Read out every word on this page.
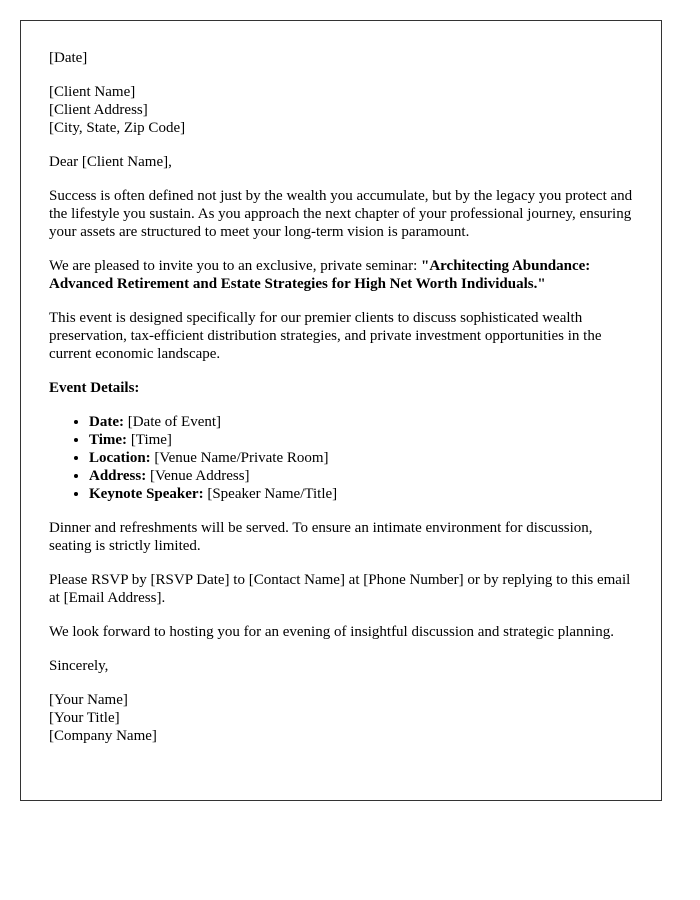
[Date]

[Client Name]
[Client Address]
[City, State, Zip Code]

Dear [Client Name],

Success is often defined not just by the wealth you accumulate, but by the legacy you protect and the lifestyle you sustain. As you approach the next chapter of your professional journey, ensuring your assets are structured to meet your long-term vision is paramount.

We are pleased to invite you to an exclusive, private seminar: "Architecting Abundance: Advanced Retirement and Estate Strategies for High Net Worth Individuals."

This event is designed specifically for our premier clients to discuss sophisticated wealth preservation, tax-efficient distribution strategies, and private investment opportunities in the current economic landscape.

Event Details:

• Date: [Date of Event]
• Time: [Time]
• Location: [Venue Name/Private Room]
• Address: [Venue Address]
• Keynote Speaker: [Speaker Name/Title]

Dinner and refreshments will be served. To ensure an intimate environment for discussion, seating is strictly limited.

Please RSVP by [RSVP Date] to [Contact Name] at [Phone Number] or by replying to this email at [Email Address].

We look forward to hosting you for an evening of insightful discussion and strategic planning.

Sincerely,

[Your Name]
[Your Title]
[Company Name]
